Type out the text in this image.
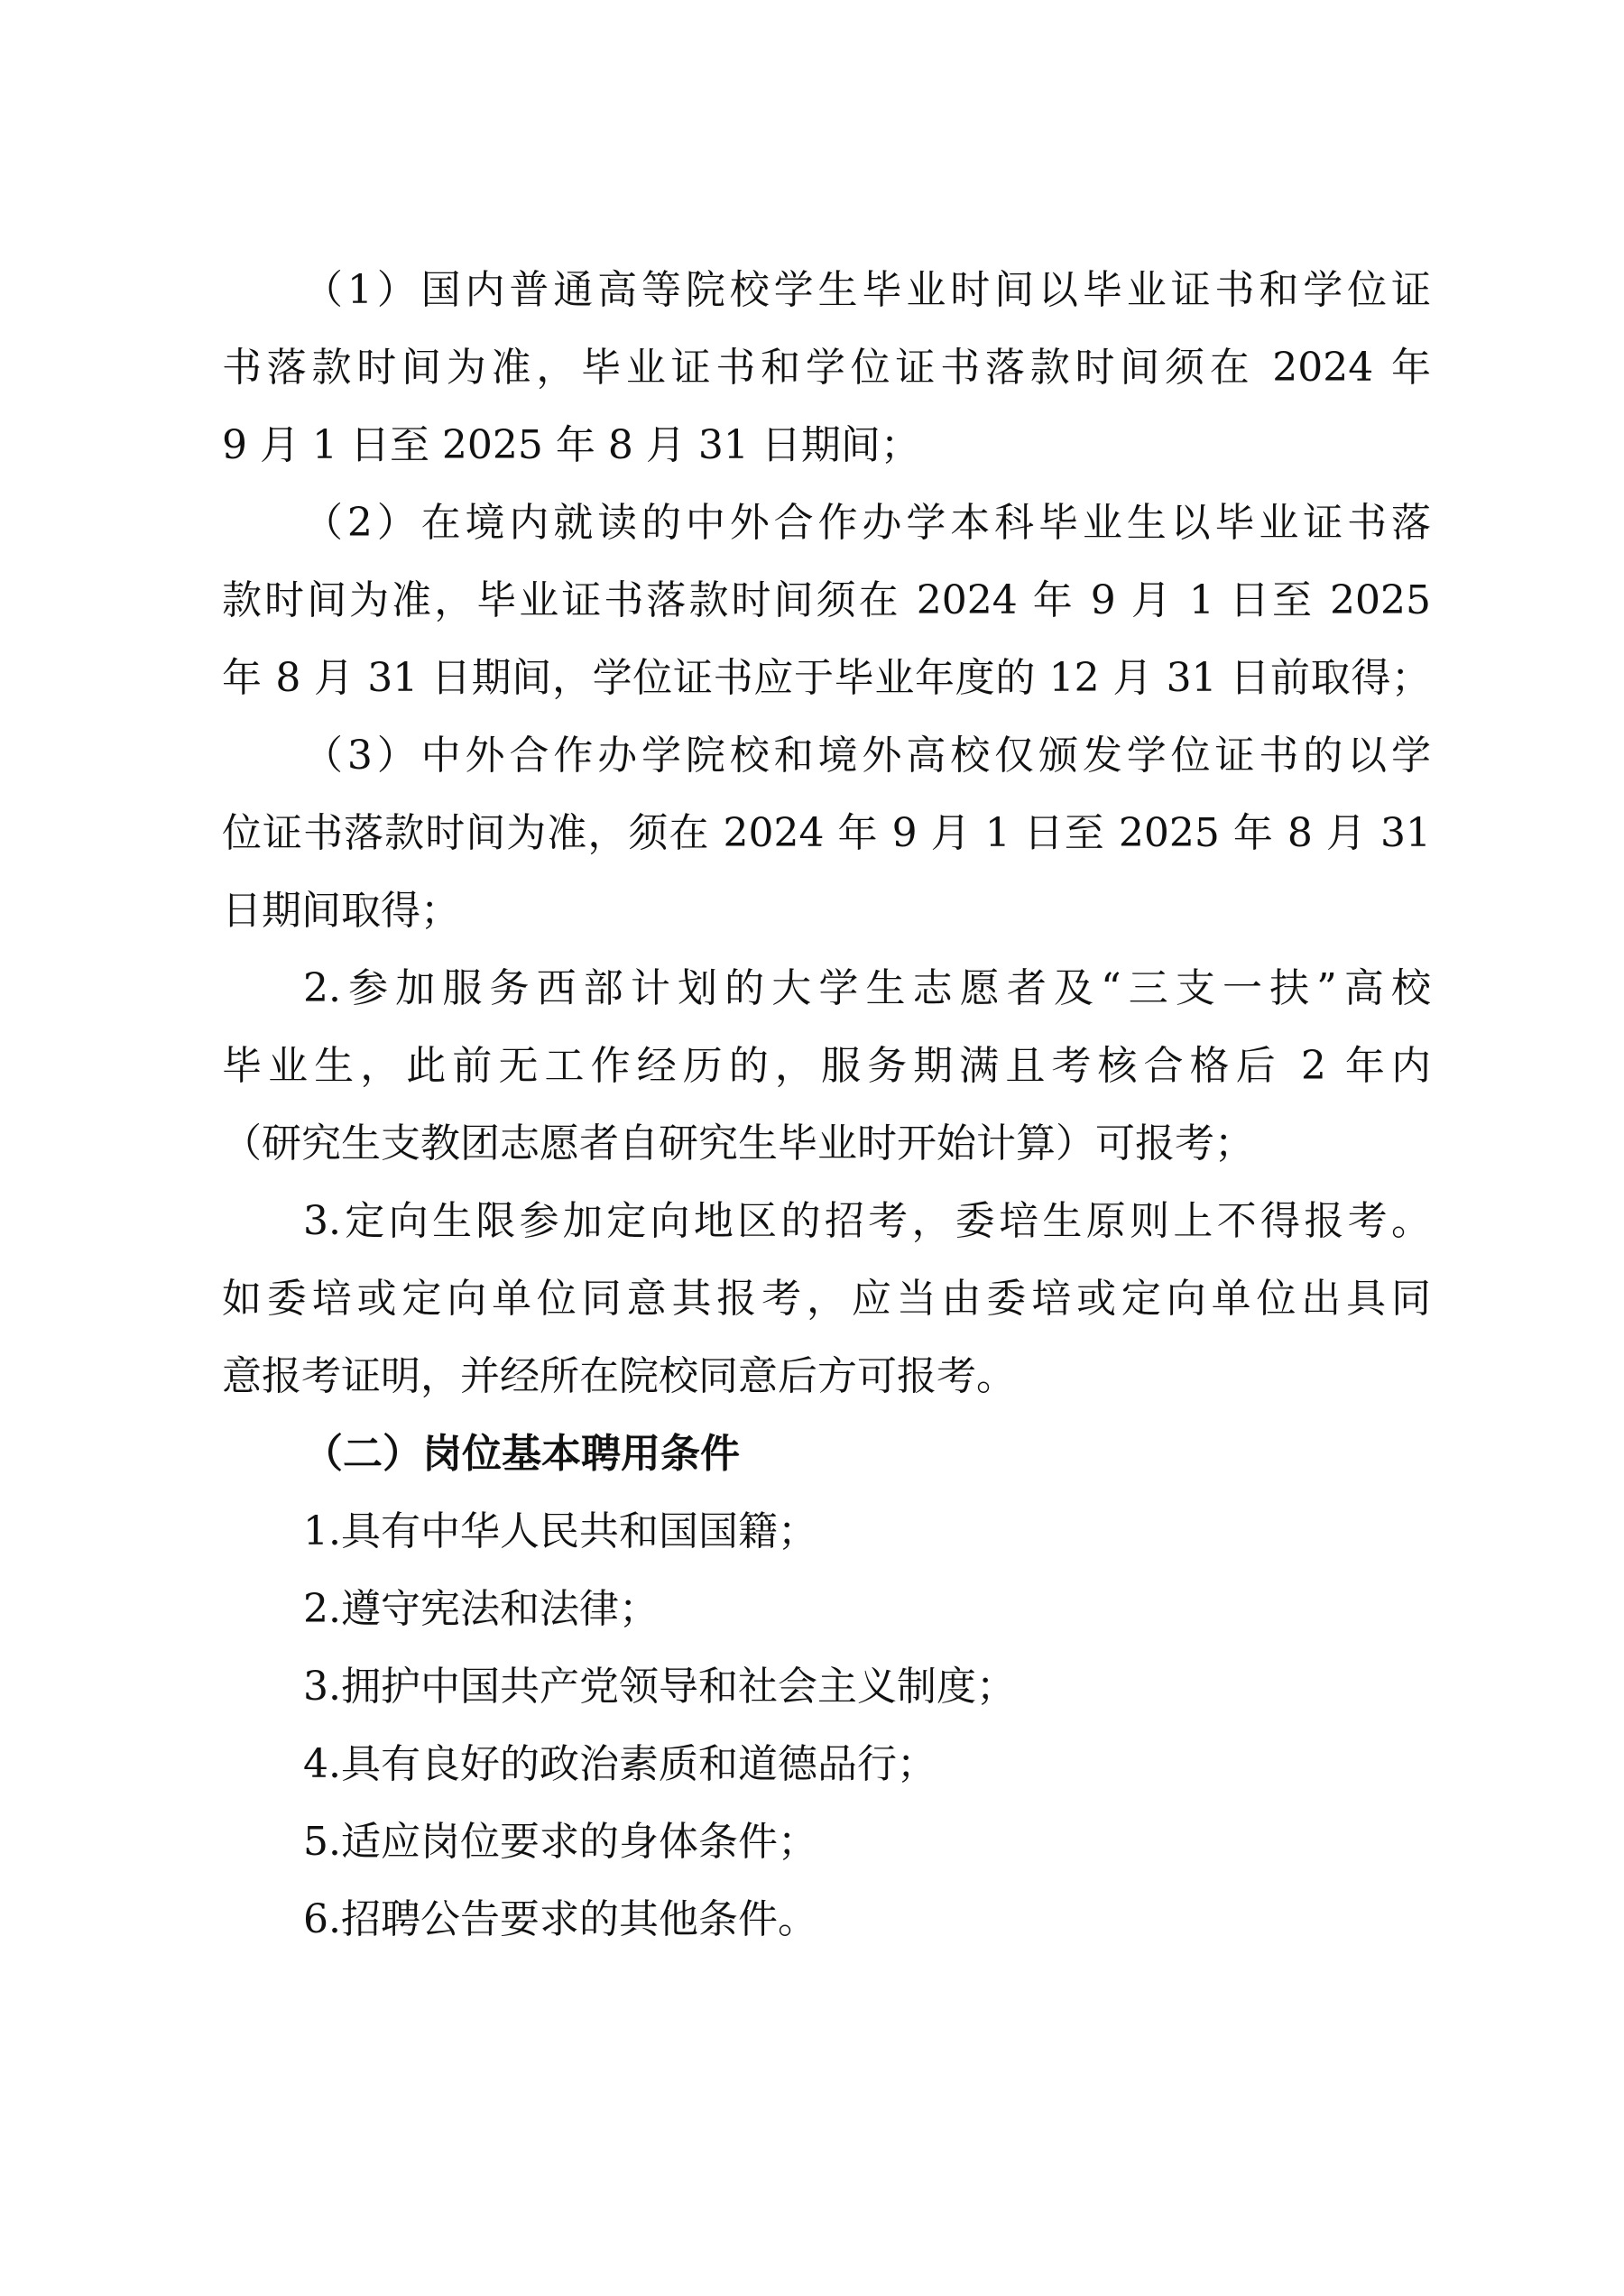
（1）国内普通高等院校学生毕业时间以毕业证书和学位证
书落款时间为准，毕业证书和学位证书落款时间须在 2024 年
9 月 1 日至 2025 年 8 月 31 日期间；
（2）在境内就读的中外合作办学本科毕业生以毕业证书落
款时间为准，毕业证书落款时间须在 2024 年 9 月 1 日至 2025
年 8 月 31 日期间，学位证书应于毕业年度的 12 月 31 日前取得；
（3）中外合作办学院校和境外高校仅颁发学位证书的以学
位证书落款时间为准，须在 2024 年 9 月 1 日至 2025 年 8 月 31
日期间取得；
2.参加服务西部计划的大学生志愿者及“三支一扶”高校
毕业生，此前无工作经历的，服务期满且考核合格后 2 年内
（研究生支教团志愿者自研究生毕业时开始计算）可报考；
3.定向生限参加定向地区的招考，委培生原则上不得报考。
如委培或定向单位同意其报考，应当由委培或定向单位出具同
意报考证明，并经所在院校同意后方可报考。
（二）岗位基本聘用条件
1.具有中华人民共和国国籍；
2.遵守宪法和法律；
3.拥护中国共产党领导和社会主义制度；
4.具有良好的政治素质和道德品行；
5.适应岗位要求的身体条件；
6.招聘公告要求的其他条件。
